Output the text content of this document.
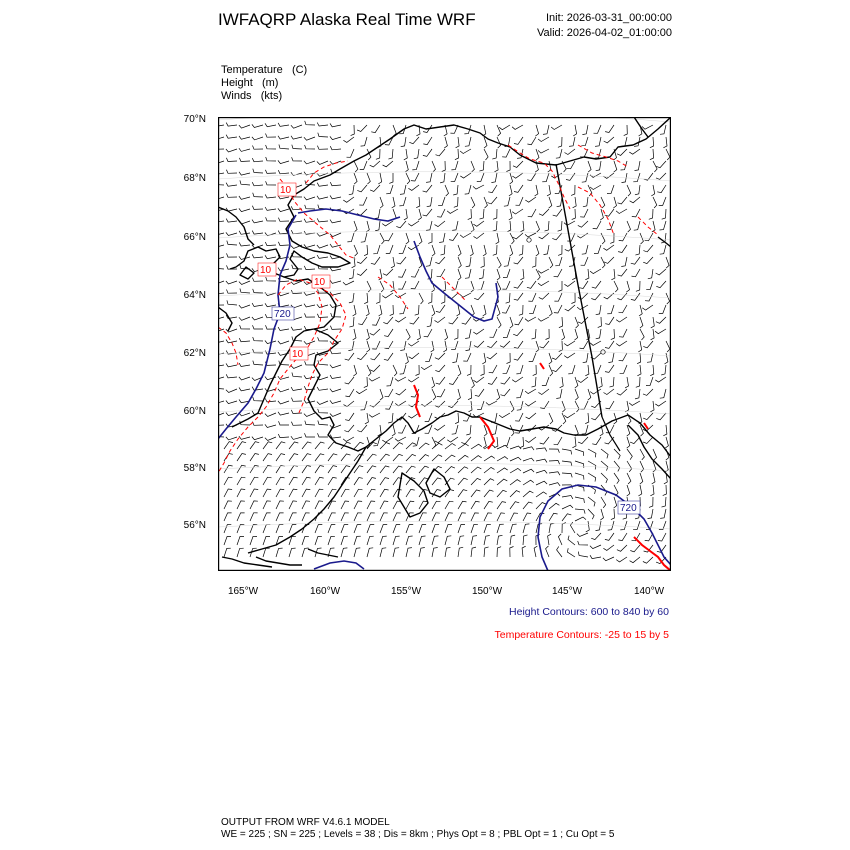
IWFAQRP Alaska Real Time WRF	Init: 2026-03-31_00:00:00
Valid: 2026-04-02_01:00:00
Temperature (C)
Height (m)
Winds (kts)
70°N
68°N
66°N
64°N
62°N
60°N
58°N
56°N
165°W	160°W	155°W	150°W	145°W	140°W
10
10
10
10
720
720
Height Contours: 600 to 840 by 60
Temperature Contours: -25 to 15 by 5
OUTPUT FROM WRF V4.6.1 MODEL
WE = 225 ; SN = 225 ; Levels = 38 ; Dis = 8km ; Phys Opt = 8 ; PBL Opt = 1 ; Cu Opt = 5
